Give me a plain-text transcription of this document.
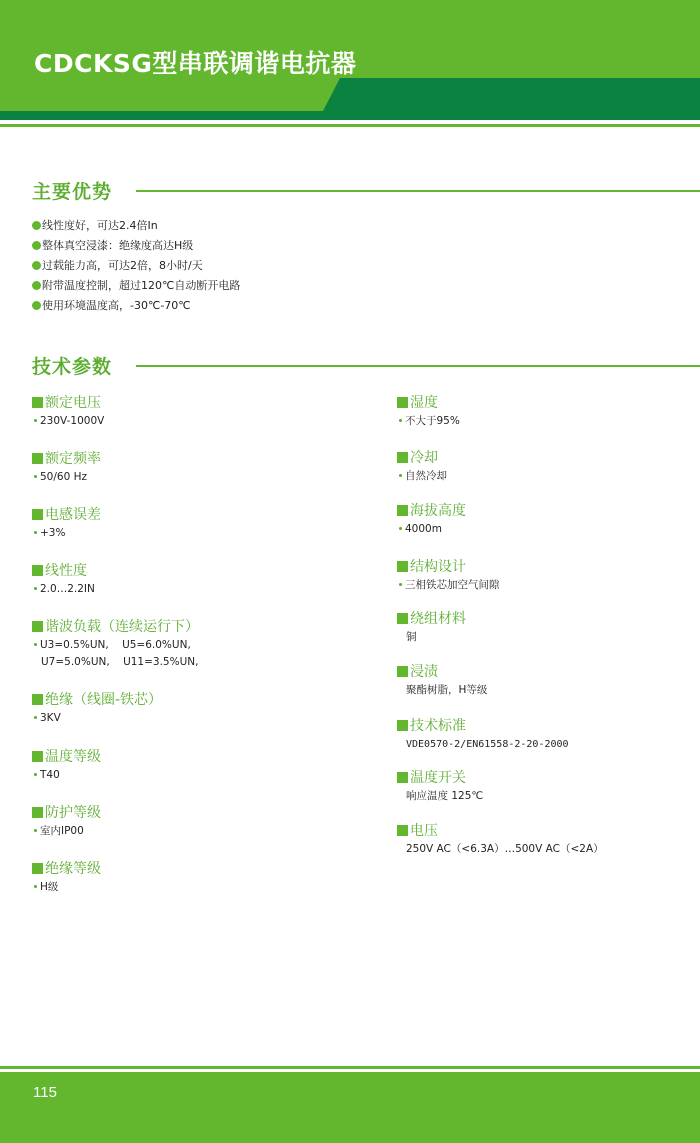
CDCKSG型串联调谐电抗器
主要优势
线性度好，可达2.4倍In
整体真空浸漆：绝缘度高达H级
过载能力高，可达2倍，8小时/天
附带温度控制，超过120℃自动断开电路
使用环境温度高，-30℃-70℃
技术参数
额定电压
230V-1000V
额定频率
50/60 Hz
电感误差
+3%
线性度
2.0…2.2IN
谐波负载（连续运行下）
U3=0.5%UN,    U5=6.0%UN,
U7=5.0%UN,    U11=3.5%UN,
绝缘（线圈-铁芯）
3KV
温度等级
T40
防护等级
室内IP00
绝缘等级
H级
湿度
不大于95%
冷却
自然冷却
海拔高度
4000m
结构设计
三相铁芯加空气间隙
绕组材料
铜
浸渍
聚酯树脂，H等级
技术标准
VDE0570-2/EN61558-2-20-2000
温度开关
响应温度 125℃
电压
250V AC（<6.3A）…500V AC（<2A）
115
